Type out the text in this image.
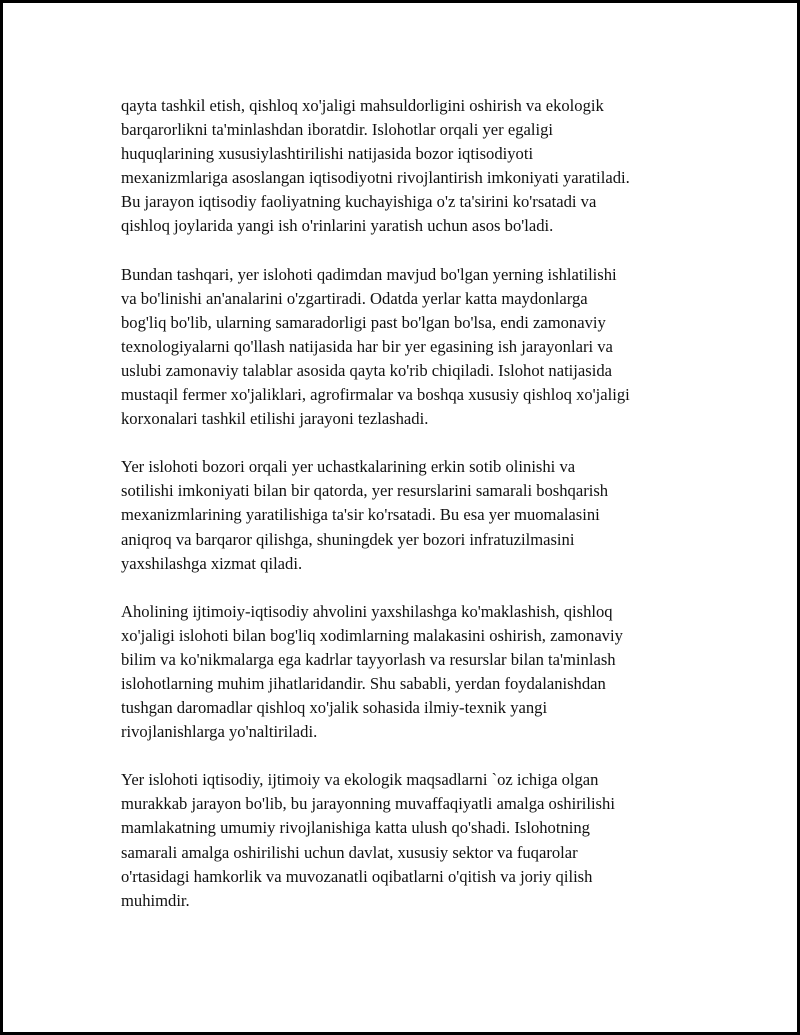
qayta tashkil etish, qishloq xo'jaligi mahsuldorligini oshirish va ekologik
barqarorlikni ta'minlashdan iboratdir. Islohotlar orqali yer egaligi
huquqlarining xususiylashtirilishi natijasida bozor iqtisodiyoti
mexanizmlariga asoslangan iqtisodiyotni rivojlantirish imkoniyati yaratiladi.
Bu jarayon iqtisodiy faoliyatning kuchayishiga o'z ta'sirini ko'rsatadi va
qishloq joylarida yangi ish o'rinlarini yaratish uchun asos bo'ladi.

Bundan tashqari, yer islohoti qadimdan mavjud bo'lgan yerning ishlatilishi
va bo'linishi an'analarini o'zgartiradi. Odatda yerlar katta maydonlarga
bog'liq bo'lib, ularning samaradorligi past bo'lgan bo'lsa, endi zamonaviy
texnologiyalarni qo'llash natijasida har bir yer egasining ish jarayonlari va
uslubi zamonaviy talablar asosida qayta ko'rib chiqiladi. Islohot natijasida
mustaqil fermer xo'jaliklari, agrofirmalar va boshqa xususiy qishloq xo'jaligi
korxonalari tashkil etilishi jarayoni tezlashadi.

Yer islohoti bozori orqali yer uchastkalarining erkin sotib olinishi va
sotilishi imkoniyati bilan bir qatorda, yer resurslarini samarali boshqarish
mexanizmlarining yaratilishiga ta'sir ko'rsatadi. Bu esa yer muomalasini
aniqroq va barqaror qilishga, shuningdek yer bozori infratuzilmasini
yaxshilashga xizmat qiladi.

Aholining ijtimoiy-iqtisodiy ahvolini yaxshilashga ko'maklashish, qishloq
xo'jaligi islohoti bilan bog'liq xodimlarning malakasini oshirish, zamonaviy
bilim va ko'nikmalarga ega kadrlar tayyorlash va resurslar bilan ta'minlash
islohotlarning muhim jihatlaridandir. Shu sababli, yerdan foydalanishdan
tushgan daromadlar qishloq xo'jalik sohasida ilmiy-texnik yangi
rivojlanishlarga yo'naltiriladi.

Yer islohoti iqtisodiy, ijtimoiy va ekologik maqsadlarni `oz ichiga olgan
murakkab jarayon bo'lib, bu jarayonning muvaffaqiyatli amalga oshirilishi
mamlakatning umumiy rivojlanishiga katta ulush qo'shadi. Islohotning
samarali amalga oshirilishi uchun davlat, xususiy sektor va fuqarolar
o'rtasidagi hamkorlik va muvozanatli oqibatlarni o'qitish va joriy qilish
muhimdir.
